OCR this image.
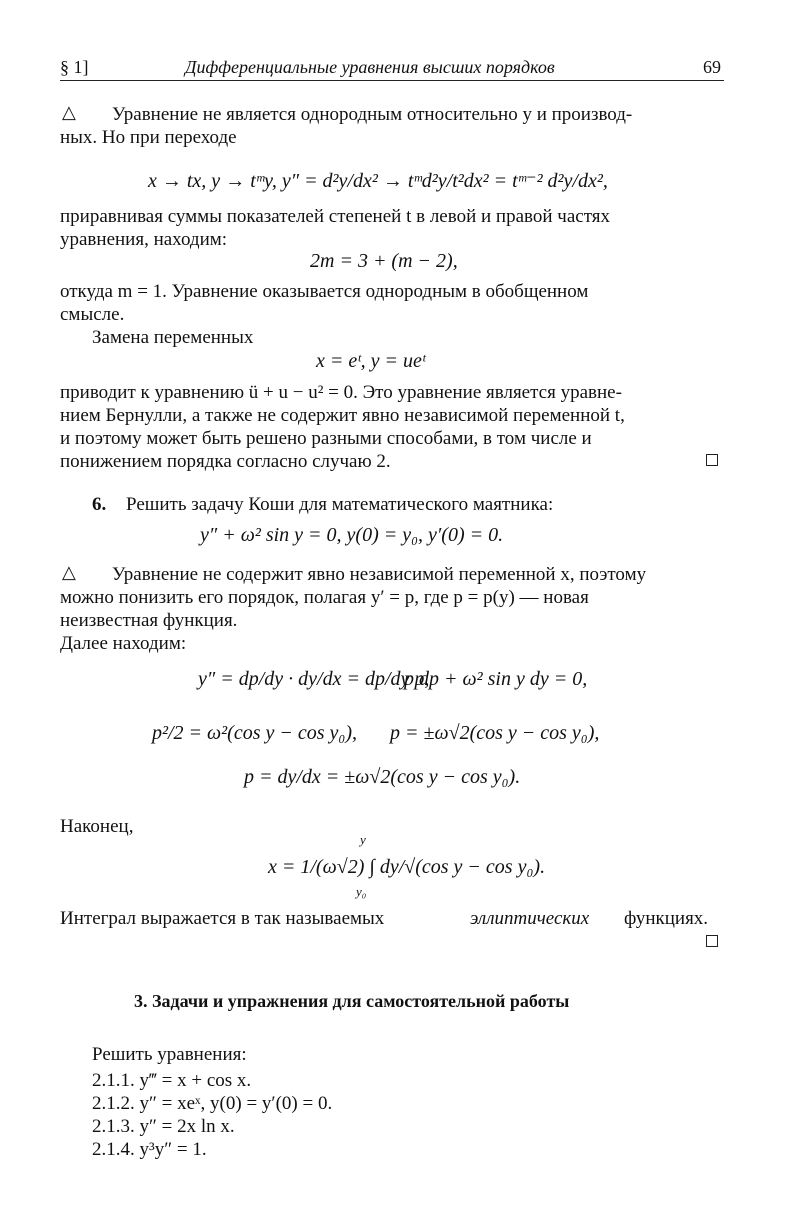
§ 1]	Дифференциальные уравнения высших порядков	69
△ Уравнение не является однородным относительно y и производ-
ных. Но при переходе
x → tx, y → tᵐy, y″ = d²y/dx² → tᵐd²y/t²dx² = tᵐ⁻² d²y/dx²,
приравнивая суммы показателей степеней t в левой и правой частях
уравнения, находим:
2m = 3 + (m − 2),
откуда m = 1. Уравнение оказывается однородным в обобщенном
смысле.
Замена переменных
x = eᵗ, y = ueᵗ
приводит к уравнению ü + u − u² = 0. Это уравнение является уравне-
нием Бернулли, а также не содержит явно независимой переменной t,
и поэтому может быть решено разными способами, в том числе и
понижением порядка согласно случаю 2.
6. Решить задачу Коши для математического маятника:
y″ + ω² sin y = 0, y(0) = y₀, y′(0) = 0.
△ Уравнение не содержит явно независимой переменной x, поэтому
можно понизить его порядок, полагая y′ = p, где p = p(y) — новая
неизвестная функция.
Далее находим:
y″ = dp/dy · dy/dx = dp/dy p,
p dp + ω² sin y dy = 0,
p²/2 = ω²(cos y − cos y₀), p = ±ω√2(cos y − cos y₀),
p = dy/dx = ±ω√2(cos y − cos y₀).
Наконец,
y
x = 1/(ω√2) ∫ dy/√(cos y − cos y₀).
y₀
Интеграл выражается в так называемых	эллиптических функциях.
3. Задачи и упражнения для самостоятельной работы
Решить уравнения:
2.1.1. y‴ = x + cos x.
2.1.2. y″ = xeˣ, y(0) = y′(0) = 0.
2.1.3. y″ = 2x ln x.
2.1.4. y³y″ = 1.
